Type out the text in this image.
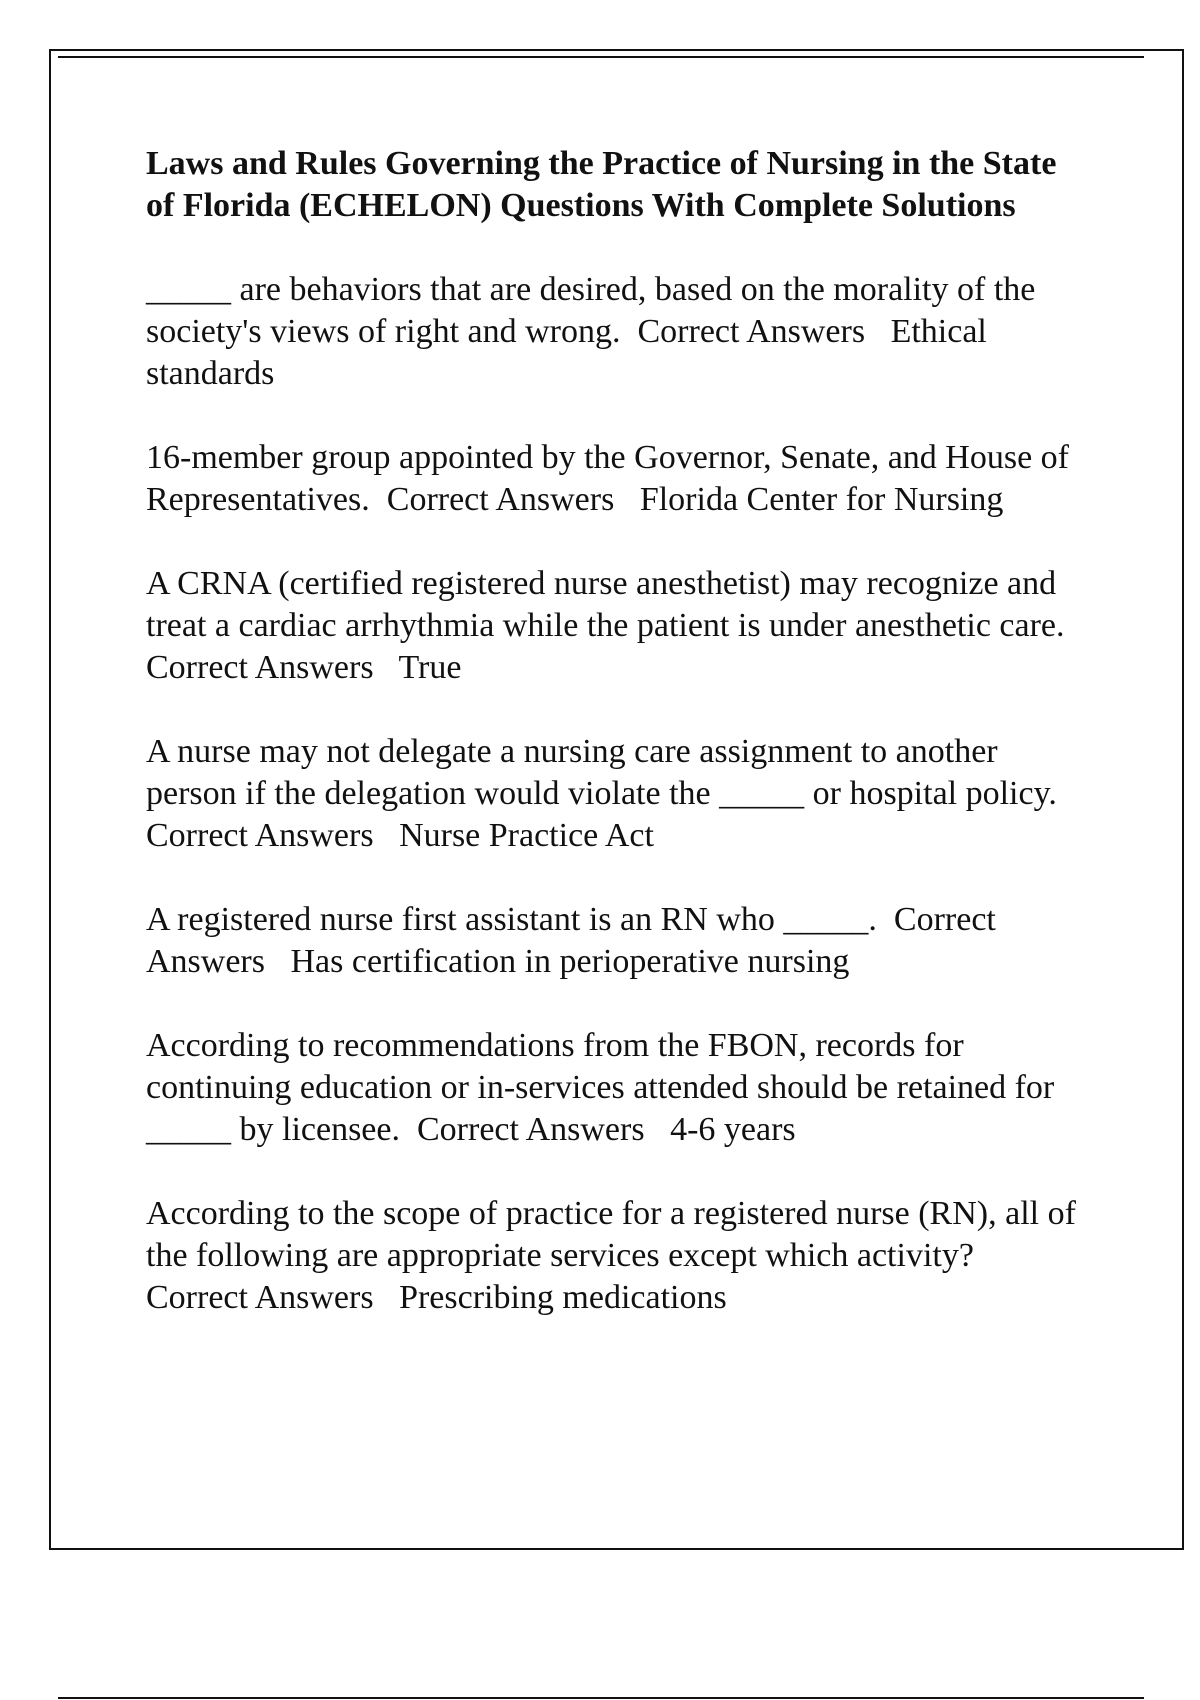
Laws and Rules Governing the Practice of Nursing in the State of Florida (ECHELON) Questions With Complete Solutions

_____ are behaviors that are desired, based on the morality of the society's views of right and wrong. Correct Answers Ethical standards

16-member group appointed by the Governor, Senate, and House of Representatives. Correct Answers Florida Center for Nursing

A CRNA (certified registered nurse anesthetist) may recognize and treat a cardiac arrhythmia while the patient is under anesthetic care.  Correct Answers True

A nurse may not delegate a nursing care assignment to another person if the delegation would violate the _____ or hospital policy.  Correct Answers Nurse Practice Act

A registered nurse first assistant is an RN who _____. Correct Answers Has certification in perioperative nursing

According to recommendations from the FBON, records for continuing education or in-services attended should be retained for _____ by licensee. Correct Answers 4-6 years

According to the scope of practice for a registered nurse (RN), all of the following are appropriate services except which activity?  Correct Answers Prescribing medications
